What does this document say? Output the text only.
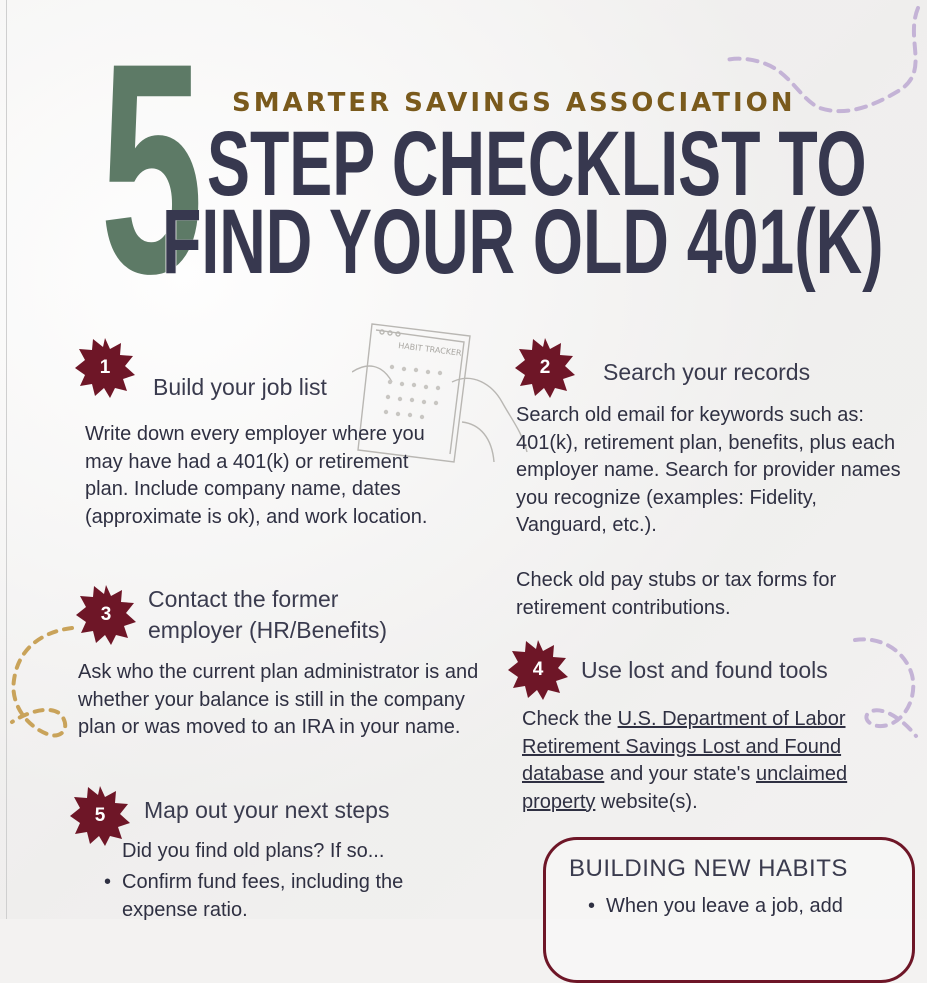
5 SMARTER SAVINGS ASSOCIATION
STEP CHECKLIST TO
FIND YOUR OLD 401(K)
HABIT TRACKER
1
Build your job list
Write down every employer where you may have had a 401(k) or retirement plan. Include company name, dates (approximate is ok), and work location.
2	Search your records
Search old email for keywords such as: 401(k), retirement plan, benefits, plus each employer name. Search for provider names you recognize (examples: Fidelity, Vanguard, etc.).
Check old pay stubs or tax forms for retirement contributions.
3
Contact the former
employer (HR/Benefits)
Ask who the current plan administrator is and whether your balance is still in the company plan or was moved to an IRA in your name.
4	Use lost and found tools
Check the U.S. Department of Labor Retirement Savings Lost and Found database and your state's unclaimed property website(s).
5	Map out your next steps
Did you find old plans? If so...
• Confirm fund fees, including the expense ratio.
BUILDING NEW HABITS
• When you leave a job, add
